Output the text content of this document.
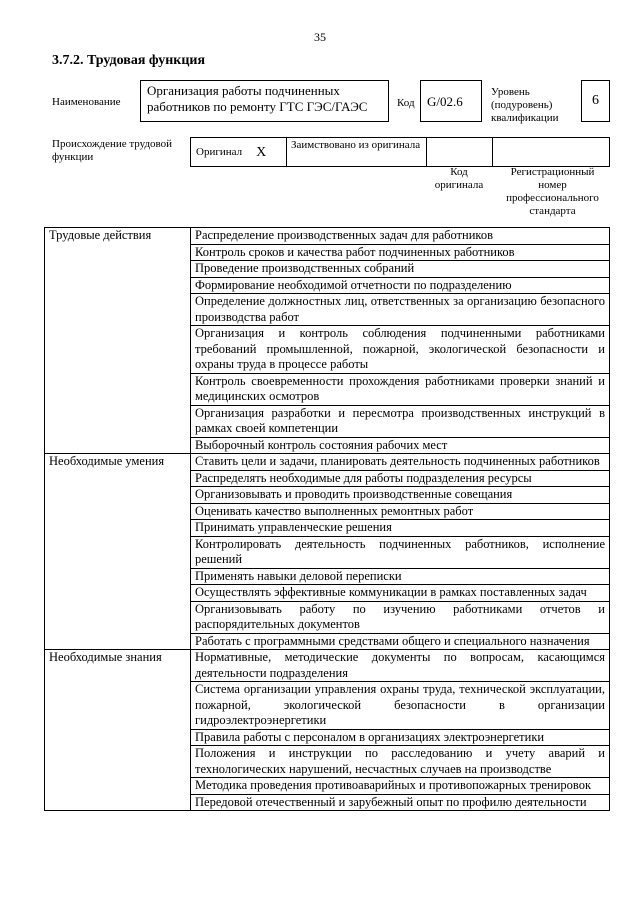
35
3.7.2. Трудовая функция
Наименование
Организация работы подчиненных работников по ремонту ГТС ГЭС/ГАЭС	Код G/02.6
Уровень (подуровень) квалификации
6
Происхождение трудовой функции	Оригинал X	Заимствовано из оригинала
Код оригинала
Регистрационный номер профессионального стандарта
Трудовые действия	Распределение производственных задач для работников
	Контроль сроков и качества работ подчиненных работников
	Проведение производственных собраний
	Формирование необходимой отчетности по подразделению
	Определение должностных лиц, ответственных за организацию безопасного производства работ
	Организация и контроль соблюдения подчиненными работниками требований промышленной, пожарной, экологической безопасности и охраны труда в процессе работы
	Контроль своевременности прохождения работниками проверки знаний и медицинских осмотров
	Организация разработки и пересмотра производственных инструкций в рамках своей компетенции
	Выборочный контроль состояния рабочих мест
Необходимые умения	Ставить цели и задачи, планировать деятельность подчиненных работников
	Распределять необходимые для работы подразделения ресурсы
	Организовывать и проводить производственные совещания
	Оценивать качество выполненных ремонтных работ
	Принимать управленческие решения
	Контролировать деятельность подчиненных работников, исполнение решений
	Применять навыки деловой переписки
	Осуществлять эффективные коммуникации в рамках поставленных задач
	Организовывать работу по изучению работниками отчетов и распорядительных документов
	Работать с программными средствами общего и специального назначения
Необходимые знания	Нормативные, методические документы по вопросам, касающимся деятельности подразделения
	Система организации управления охраны труда, технической эксплуатации, пожарной, экологической безопасности в организации гидроэлектроэнергетики
	Правила работы с персоналом в организациях электроэнергетики
	Положения и инструкции по расследованию и учету аварий и технологических нарушений, несчастных случаев на производстве
	Методика проведения противоаварийных и противопожарных тренировок
	Передовой отечественный и зарубежный опыт по профилю деятельности
